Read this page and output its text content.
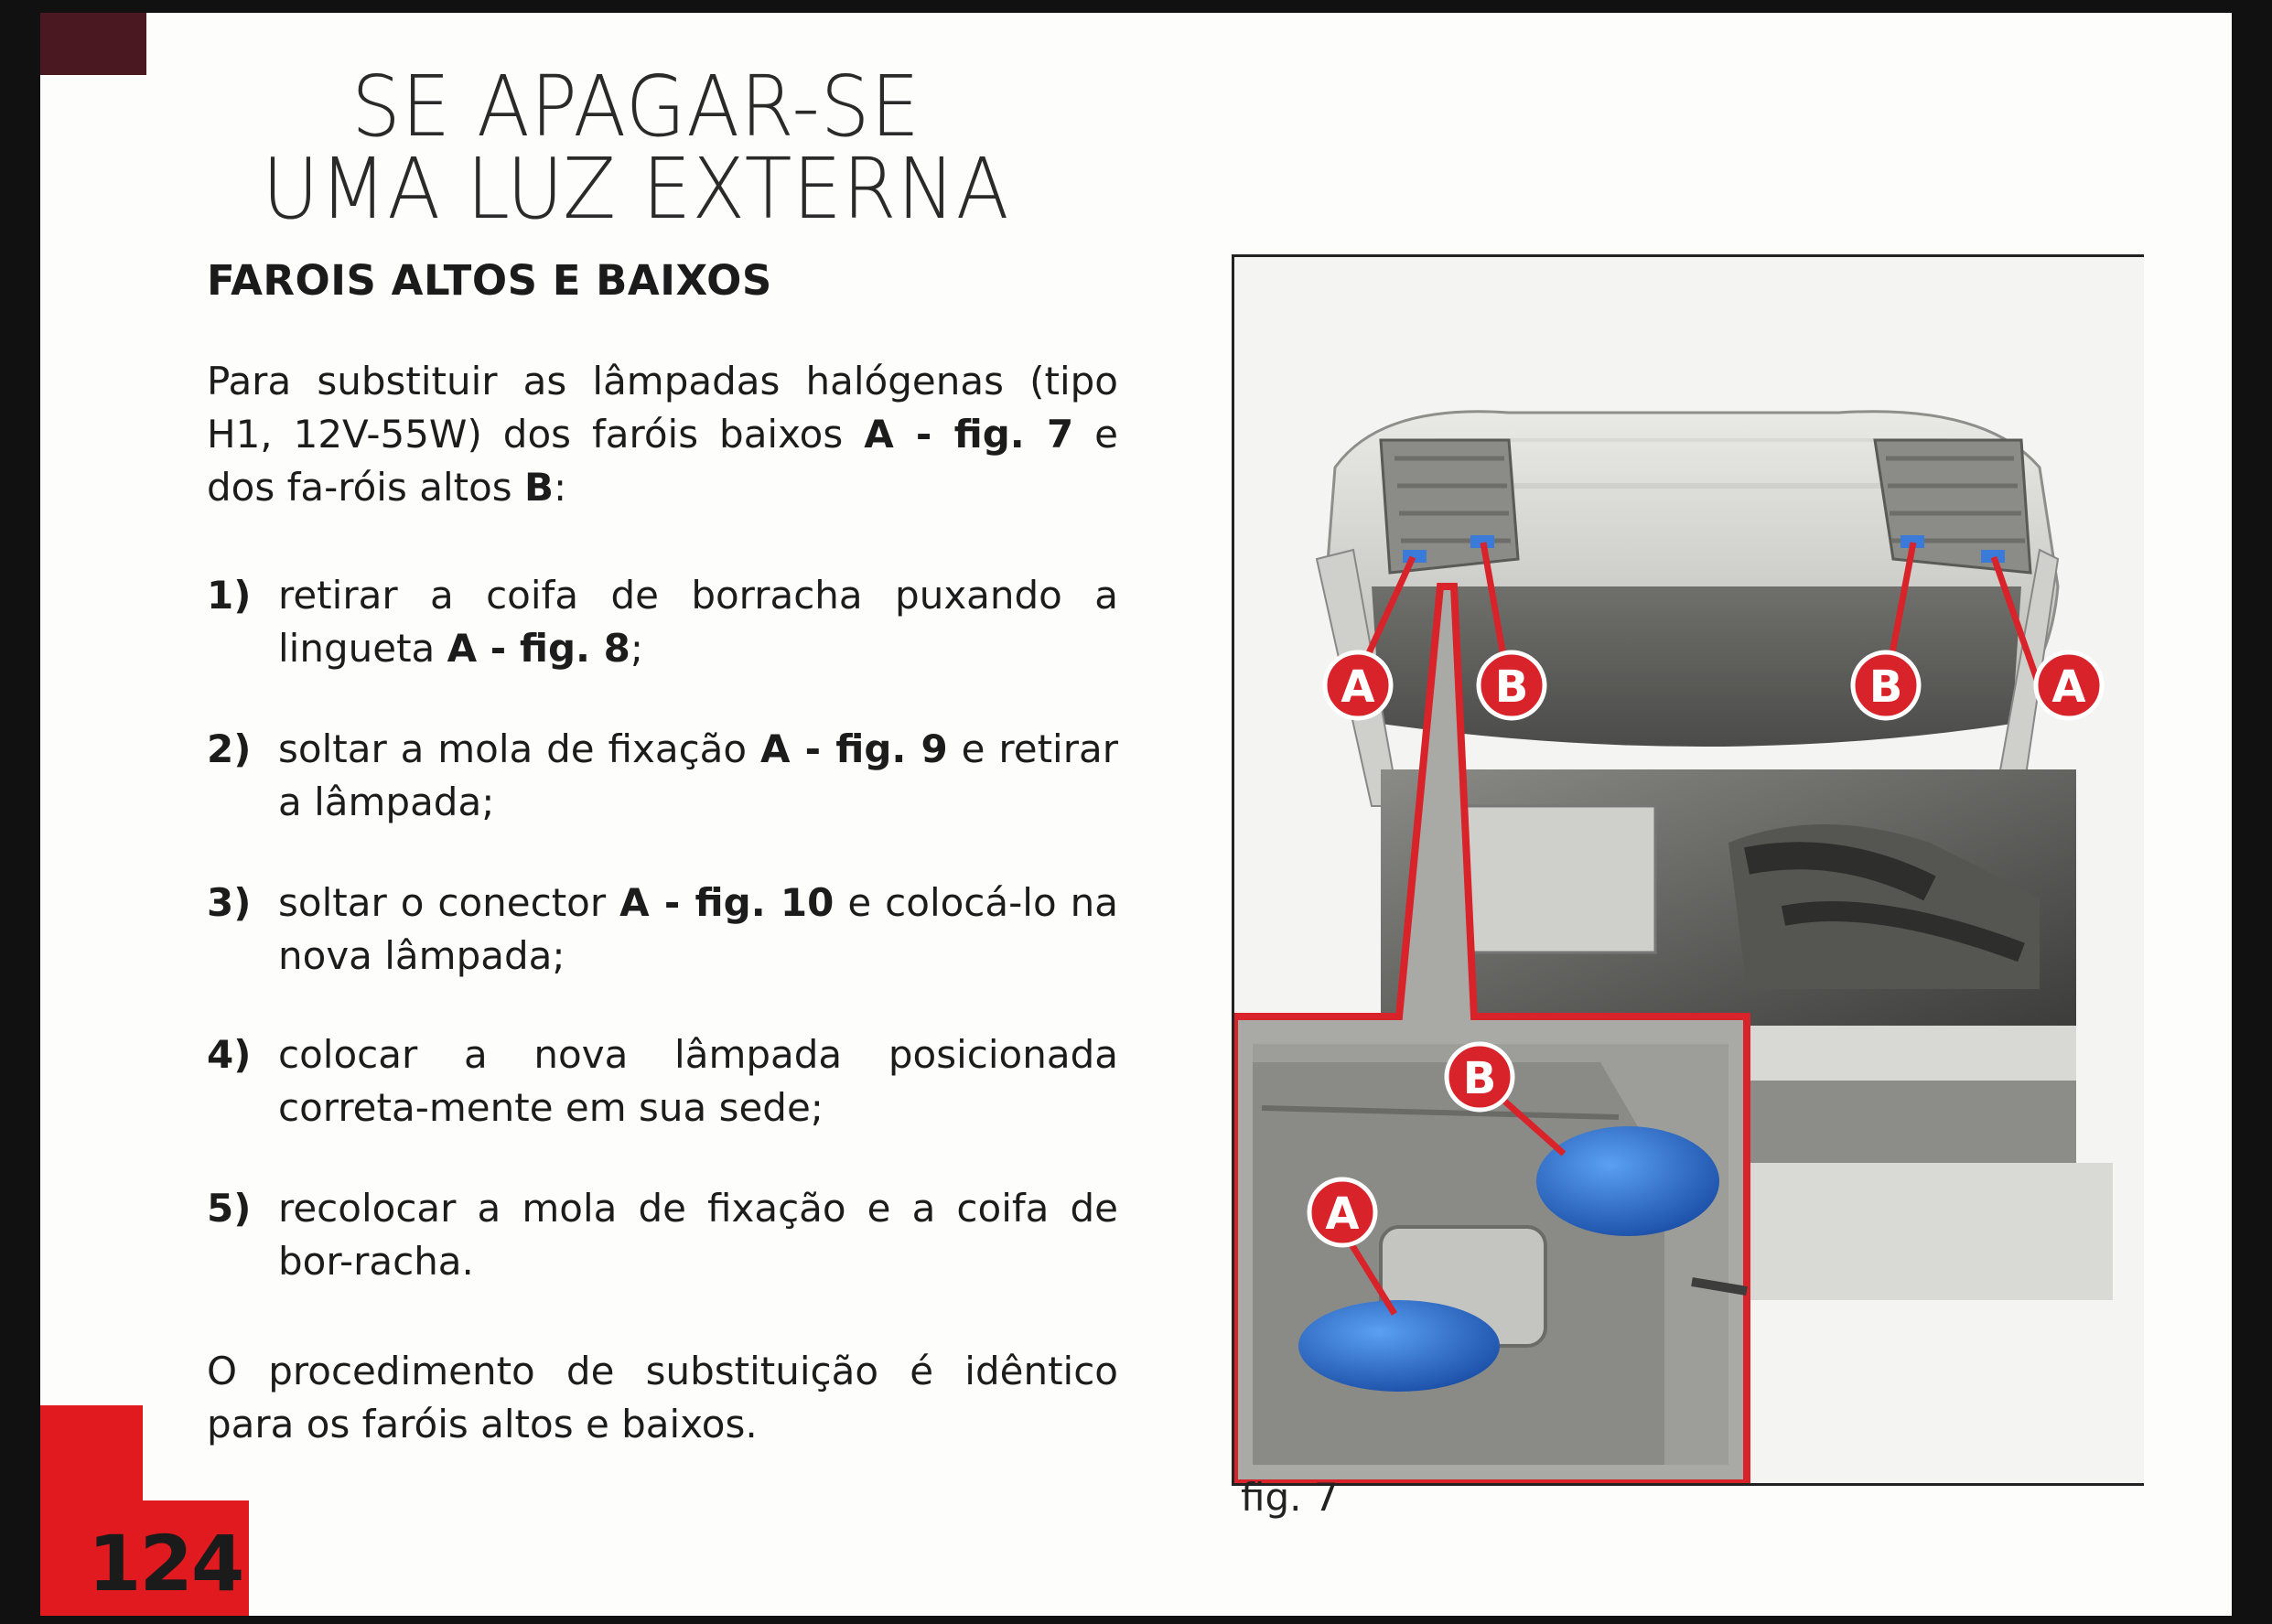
SE APAGAR-SE
UMA LUZ EXTERNA
FAROIS ALTOS E BAIXOS
Para substituir as lâmpadas halógenas (tipo H1, 12V-55W) dos faróis baixos A - fig. 7 e dos fa-róis altos B:
1) retirar a coifa de borracha puxando a lingueta A - fig. 8;
2) soltar a mola de fixação A - fig. 9 e retirar a lâmpada;
3) soltar o conector A - fig. 10 e colocá-lo na nova lâmpada;
4) colocar a nova lâmpada posicionada correta-mente em sua sede;
5) recolocar a mola de fixação e a coifa de bor-racha.
O procedimento de substituição é idêntico para os faróis altos e baixos.
124
A	B	B	A
B
A
fig. 7
